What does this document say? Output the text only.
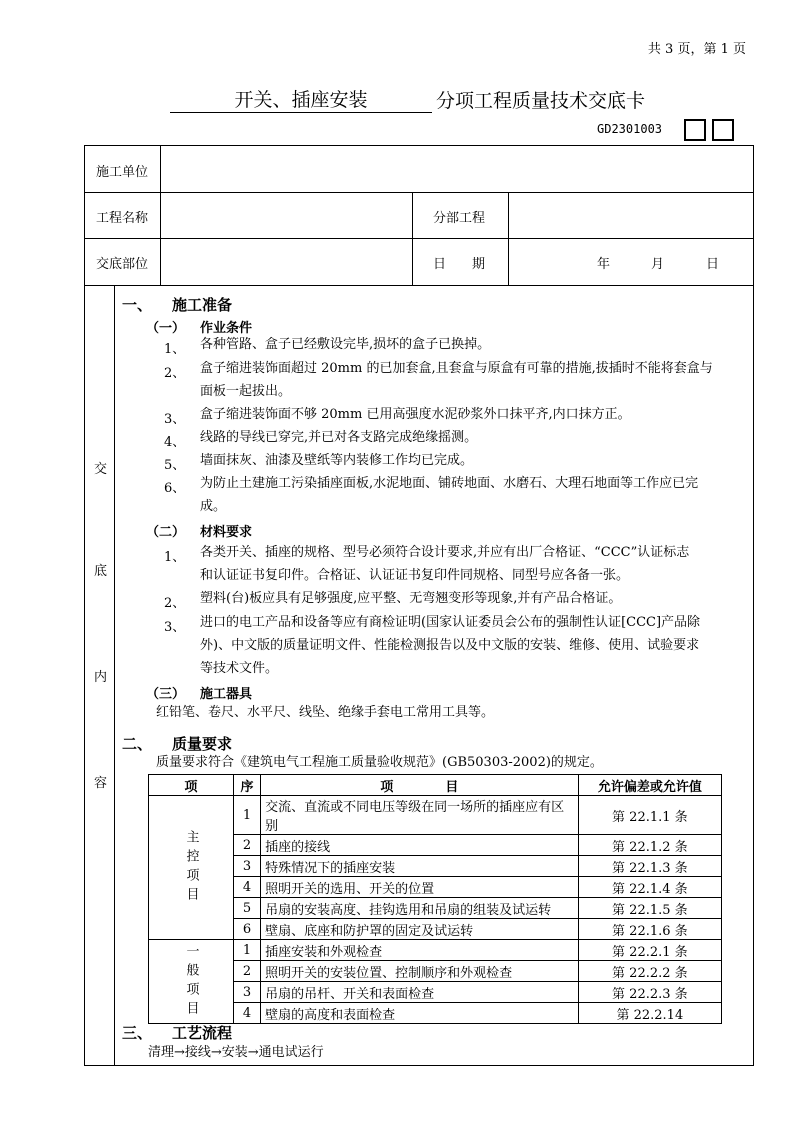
共 3 页，第 1 页
开关、插座安装	分项工程质量技术交底卡
GD2301003
施工单位
工程名称	分部工程
交底部位	日　　期	年	月	日
交
底
内
容
一、 施工准备
（一） 作业条件
1、 各种管路、盒子已经敷设完毕,损坏的盒子已换掉。
2、 盒子缩进装饰面超过 20mm 的已加套盒,且套盒与原盒有可靠的措施,拔插时不能将套盒与
面板一起拔出。
3、 盒子缩进装饰面不够 20mm 已用高强度水泥砂浆外口抹平齐,内口抹方正。
4、 线路的导线已穿完,并已对各支路完成绝缘摇测。
5、 墙面抹灰、油漆及壁纸等内装修工作均已完成。
6、 为防止土建施工污染插座面板,水泥地面、铺砖地面、水磨石、大理石地面等工作应已完
成。
（二） 材料要求
1、 各类开关、插座的规格、型号必须符合设计要求,并应有出厂合格证、“CCC”认证标志
和认证证书复印件。合格证、认证证书复印件同规格、同型号应各备一张。
2、 塑料(台)板应具有足够强度,应平整、无弯翘变形等现象,并有产品合格证。
3、 进口的电工产品和设备等应有商检证明(国家认证委员会公布的强制性认证[CCC]产品除
外)、中文版的质量证明文件、性能检测报告以及中文版的安装、维修、使用、试验要求
等技术文件。
（三） 施工器具
红铅笔、卷尺、水平尺、线坠、绝缘手套电工常用工具等。
二、 质量要求
质量要求符合《建筑电气工程施工质量验收规范》(GB50303-2002)的规定。
项	序	项　　　　目	允许偏差或允许值
主控项目	1	交流、直流或不同电压等级在同一场所的插座应有区别	第 22.1.1 条
	2	插座的接线	第 22.1.2 条
	3	特殊情况下的插座安装	第 22.1.3 条
	4	照明开关的选用、开关的位置	第 22.1.4 条
	5	吊扇的安装高度、挂钩选用和吊扇的组装及试运转	第 22.1.5 条
	6	壁扇、底座和防护罩的固定及试运转	第 22.1.6 条
一般项目	1	插座安装和外观检查	第 22.2.1 条
	2	照明开关的安装位置、控制顺序和外观检查	第 22.2.2 条
	3	吊扇的吊杆、开关和表面检查	第 22.2.3 条
	4	壁扇的高度和表面检查	第 22.2.14
三、 工艺流程
清理→接线→安装→通电试运行
